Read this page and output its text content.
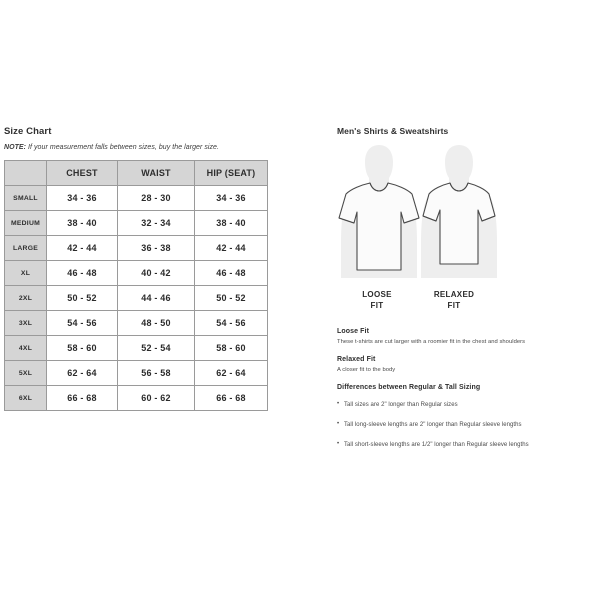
Size Chart

NOTE: If your measurement falls between sizes, buy the larger size.

	CHEST	WAIST	HIP (SEAT)
SMALL	34 - 36	28 - 30	34 - 36
MEDIUM	38 - 40	32 - 34	38 - 40
LARGE	42 - 44	36 - 38	42 - 44
XL	46 - 48	40 - 42	46 - 48
2XL	50 - 52	44 - 46	50 - 52
3XL	54 - 56	48 - 50	54 - 56
4XL	58 - 60	52 - 54	58 - 60
5XL	62 - 64	56 - 58	62 - 64
6XL	66 - 68	60 - 62	66 - 68
Men's Shirts & Sweatshirts
LOOSE
FIT
RELAXED
FIT

Loose Fit

These t-shirts are cut larger with a roomier fit in the chest and shoulders

Relaxed Fit

A closer fit to the body

Differences between Regular & Tall Sizing

• Tall sizes are 2" longer than Regular sizes
• Tall long-sleeve lengths are 2" longer than Regular sleeve lengths
• Tall short-sleeve lengths are 1/2" longer than Regular sleeve lengths
